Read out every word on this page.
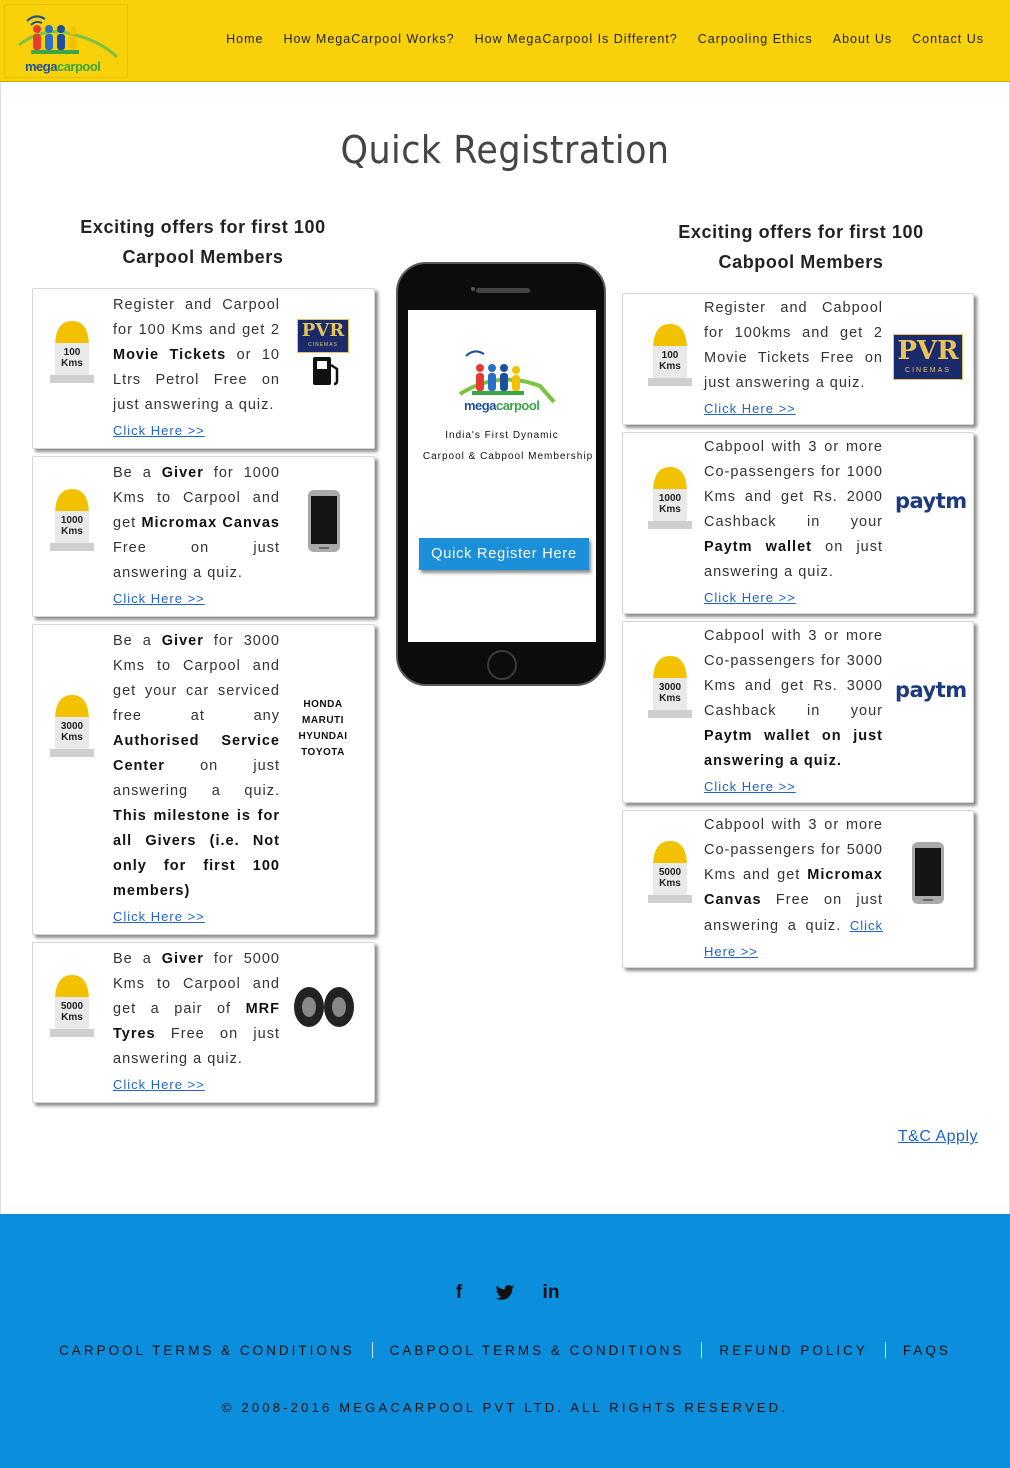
megacarpool
Home How MegaCarpool Works? How MegaCarpool Is Different? Carpooling Ethics About Us Contact Us
Quick Registration
Exciting offers for first 100
Carpool Members
100
Kms
Register and Carpool for 100 Kms and get 2 Movie Tickets or 10 Ltrs Petrol Free on just answering a quiz.
Click Here >>
PVR
CINEMAS
1000
Kms
Be a Giver for 1000 Kms to Carpool and get Micromax Canvas Free on just answering a quiz.
Click Here >>
3000
Kms
Be a Giver for 3000 Kms to Carpool and get your car serviced free at any Authorised Service Center on just answering a quiz. This milestone is for all Givers (i.e. Not only for first 100 members)
Click Here >>
HONDA
MARUTI
HYUNDAI
TOYOTA
5000
Kms
Be a Giver for 5000 Kms to Carpool and get a pair of MRF Tyres Free on just answering a quiz.
Click Here >>
megacarpool
India's First Dynamic
Carpool & Cabpool Membership
Quick Register Here
Exciting offers for first 100
Cabpool Members
100
Kms
Register and Cabpool for 100kms and get 2 Movie Tickets Free on just answering a quiz.
Click Here >>
PVR
CINEMAS
1000
Kms
Cabpool with 3 or more Co-passengers for 1000 Kms and get Rs. 2000 Cashback in your Paytm wallet on just answering a quiz.
Click Here >>
paytm
3000
Kms
Cabpool with 3 or more Co-passengers for 3000 Kms and get Rs. 3000 Cashback in your Paytm wallet on just answering a quiz.
Click Here >>
paytm
5000
Kms
Cabpool with 3 or more Co-passengers for 5000 Kms and get Micromax Canvas Free on just answering a quiz. Click Here >>
T&C Apply
f	in
CARPOOL TERMS & CONDITIONS	CABPOOL TERMS & CONDITIONS	REFUND POLICY	FAQS
© 2008-2016 MEGACARPOOL PVT LTD. ALL RIGHTS RESERVED.
